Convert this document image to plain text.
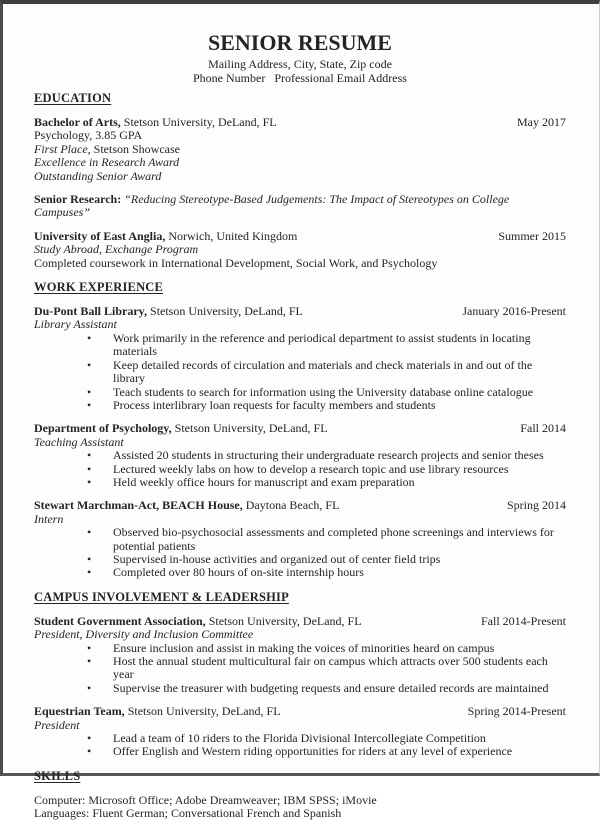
SENIOR RESUME
Mailing Address, City, State, Zip code
Phone Number   Professional Email Address
EDUCATION
Bachelor of Arts, Stetson University, DeLand, FL	May 2017
Psychology, 3.85 GPA
First Place, Stetson Showcase
Excellence in Research Award
Outstanding Senior Award
Senior Research: “Reducing Stereotype-Based Judgements: The Impact of Stereotypes on College Campuses”
University of East Anglia, Norwich, United Kingdom	Summer 2015
Study Abroad, Exchange Program
Completed coursework in International Development, Social Work, and Psychology
WORK EXPERIENCE
Du-Pont Ball Library, Stetson University, DeLand, FL	January 2016-Present
Library Assistant
• Work primarily in the reference and periodical department to assist students in locating materials
• Keep detailed records of circulation and materials and check materials in and out of the library
• Teach students to search for information using the University database online catalogue
• Process interlibrary loan requests for faculty members and students
Department of Psychology, Stetson University, DeLand, FL	Fall 2014
Teaching Assistant
• Assisted 20 students in structuring their undergraduate research projects and senior theses
• Lectured weekly labs on how to develop a research topic and use library resources
• Held weekly office hours for manuscript and exam preparation
Stewart Marchman-Act, BEACH House, Daytona Beach, FL	Spring 2014
Intern
• Observed bio-psychosocial assessments and completed phone screenings and interviews for potential patients
• Supervised in-house activities and organized out of center field trips
• Completed over 80 hours of on-site internship hours
CAMPUS INVOLVEMENT & LEADERSHIP
Student Government Association, Stetson University, DeLand, FL	Fall 2014-Present
President, Diversity and Inclusion Committee
• Ensure inclusion and assist in making the voices of minorities heard on campus
• Host the annual student multicultural fair on campus which attracts over 500 students each year
• Supervise the treasurer with budgeting requests and ensure detailed records are maintained
Equestrian Team, Stetson University, DeLand, FL	Spring 2014-Present
President
• Lead a team of 10 riders to the Florida Divisional Intercollegiate Competition
• Offer English and Western riding opportunities for riders at any level of experience
SKILLS
Computer: Microsoft Office; Adobe Dreamweaver; IBM SPSS; iMovie
Languages: Fluent German; Conversational French and Spanish
